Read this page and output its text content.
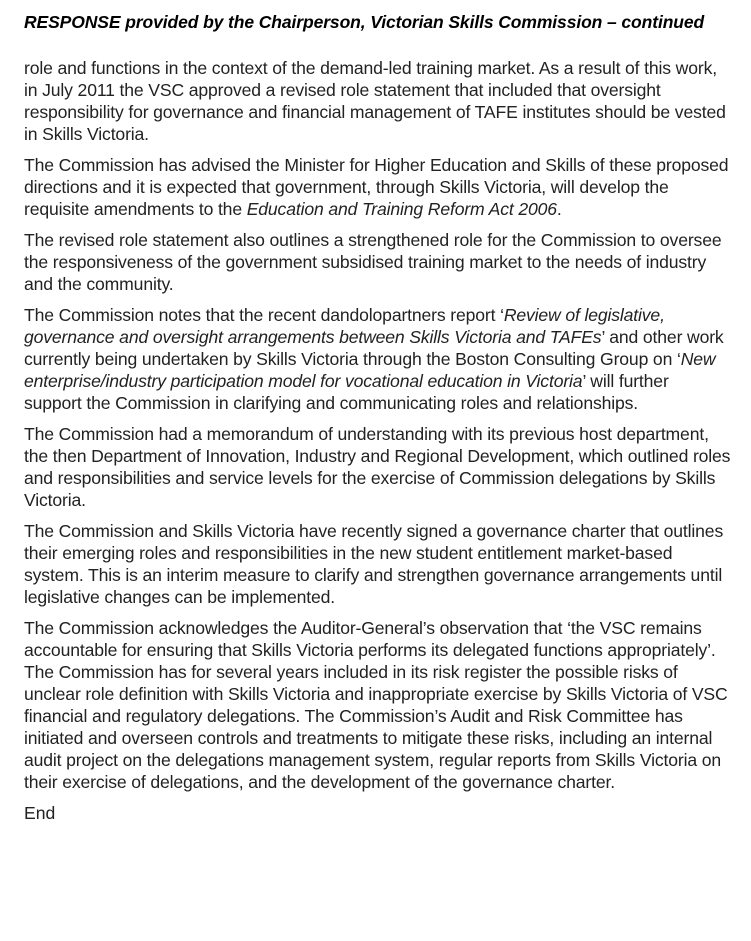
RESPONSE provided by the Chairperson, Victorian Skills Commission – continued
role and functions in the context of the demand-led training market. As a result of this work, in July 2011 the VSC approved a revised role statement that included that oversight responsibility for governance and financial management of TAFE institutes should be vested in Skills Victoria.
The Commission has advised the Minister for Higher Education and Skills of these proposed directions and it is expected that government, through Skills Victoria, will develop the requisite amendments to the Education and Training Reform Act 2006.
The revised role statement also outlines a strengthened role for the Commission to oversee the responsiveness of the government subsidised training market to the needs of industry and the community.
The Commission notes that the recent dandolopartners report ‘Review of legislative, governance and oversight arrangements between Skills Victoria and TAFEs’ and other work currently being undertaken by Skills Victoria through the Boston Consulting Group on ‘New enterprise/industry participation model for vocational education in Victoria’ will further support the Commission in clarifying and communicating roles and relationships.
The Commission had a memorandum of understanding with its previous host department, the then Department of Innovation, Industry and Regional Development, which outlined roles and responsibilities and service levels for the exercise of Commission delegations by Skills Victoria.
The Commission and Skills Victoria have recently signed a governance charter that outlines their emerging roles and responsibilities in the new student entitlement market-based system. This is an interim measure to clarify and strengthen governance arrangements until legislative changes can be implemented.
The Commission acknowledges the Auditor-General’s observation that ‘the VSC remains accountable for ensuring that Skills Victoria performs its delegated functions appropriately’. The Commission has for several years included in its risk register the possible risks of unclear role definition with Skills Victoria and inappropriate exercise by Skills Victoria of VSC financial and regulatory delegations. The Commission’s Audit and Risk Committee has initiated and overseen controls and treatments to mitigate these risks, including an internal audit project on the delegations management system, regular reports from Skills Victoria on their exercise of delegations, and the development of the governance charter.
End
